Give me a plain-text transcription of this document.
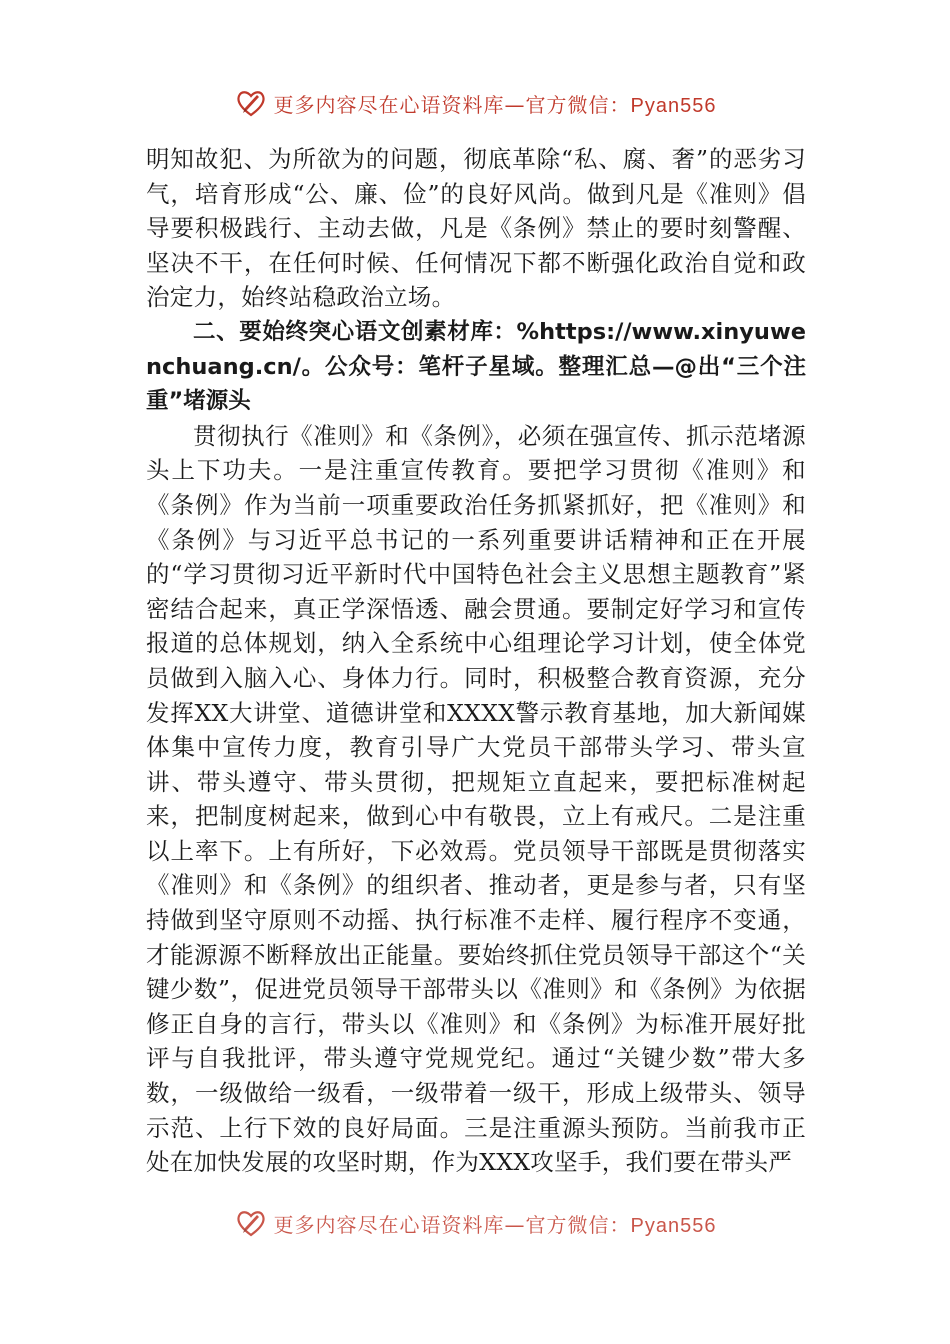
更多内容尽在心语资料库—官方微信：Pyan556

明知故犯、为所欲为的问题，彻底革除“私、腐、奢”的恶劣习气，培育形成“公、廉、俭”的良好风尚。做到凡是《准则》倡导要积极践行、主动去做，凡是《条例》禁止的要时刻警醒、坚决不干，在任何时候、任何情况下都不断强化政治自觉和政治定力，始终站稳政治立场。

二、要始终突心语文创素材库：%https://www.xinyuwenchuang.cn/。公众号：笔杆子星域。整理汇总—@出“三个注重”堵源头

贯彻执行《准则》和《条例》，必须在强宣传、抓示范堵源头上下功夫。一是注重宣传教育。要把学习贯彻《准则》和《条例》作为当前一项重要政治任务抓紧抓好，把《准则》和《条例》与习近平总书记的一系列重要讲话精神和正在开展的“学习贯彻习近平新时代中国特色社会主义思想主题教育”紧密结合起来，真正学深悟透、融会贯通。要制定好学习和宣传报道的总体规划，纳入全系统中心组理论学习计划，使全体党员做到入脑入心、身体力行。同时，积极整合教育资源，充分发挥XX大讲堂、道德讲堂和XXXX警示教育基地，加大新闻媒体集中宣传力度，教育引导广大党员干部带头学习、带头宣讲、带头遵守、带头贯彻，把规矩立直起来，要把标准树起来，把制度树起来，做到心中有敬畏，立上有戒尺。二是注重以上率下。上有所好，下必效焉。党员领导干部既是贯彻落实《准则》和《条例》的组织者、推动者，更是参与者，只有坚持做到坚守原则不动摇、执行标准不走样、履行程序不变通，才能源源不断释放出正能量。要始终抓住党员领导干部这个“关键少数”，促进党员领导干部带头以《准则》和《条例》为依据修正自身的言行，带头以《准则》和《条例》为标准开展好批评与自我批评，带头遵守党规党纪。通过“关键少数”带大多数，一级做给一级看，一级带着一级干，形成上级带头、领导示范、上行下效的良好局面。三是注重源头预防。当前我市正处在加快发展的攻坚时期，作为XXX攻坚手，我们要在带头严

更多内容尽在心语资料库—官方微信：Pyan556
